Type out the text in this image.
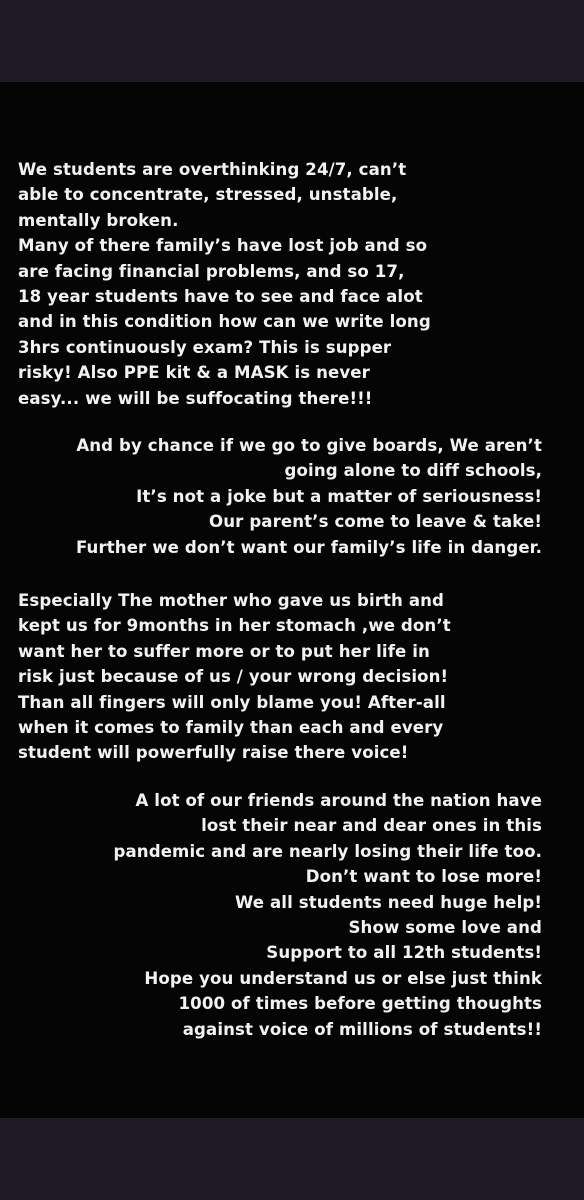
We students are overthinking 24/7, can’t
able to concentrate, stressed, unstable,
mentally broken.
Many of there family’s have lost job and so
are facing financial problems, and so 17,
18 year students have to see and face alot
and in this condition how can we write long
3hrs continuously exam? This is supper
risky! Also PPE kit & a MASK is never
easy... we will be suffocating there!!!
And by chance if we go to give boards, We aren’t
going alone to diff schools,
It’s not a joke but a matter of seriousness!
Our parent’s come to leave & take!
Further we don’t want our family’s life in danger.
Especially The mother who gave us birth and
kept us for 9months in her stomach ,we don’t
want her to suffer more or to put her life in
risk just because of us / your wrong decision!
Than all fingers will only blame you! After-all
when it comes to family than each and every
student will powerfully raise there voice!
A lot of our friends around the nation have
lost their near and dear ones in this
pandemic and are nearly losing their life too.
Don’t want to lose more!
We all students need huge help!
Show some love and
Support to all 12th students!
Hope you understand us or else just think
1000 of times before getting thoughts
against voice of millions of students!!
